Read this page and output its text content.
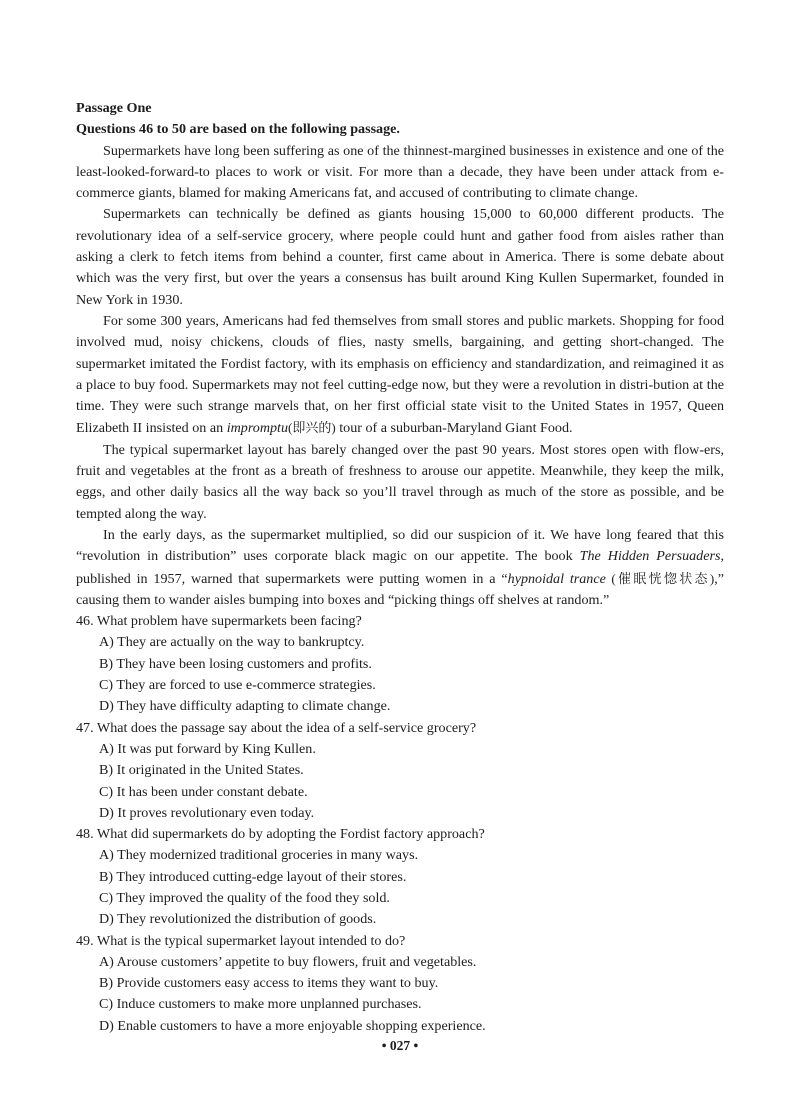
Passage One

Questions 46 to 50 are based on the following passage.

Supermarkets have long been suffering as one of the thinnest-margined businesses in existence and one of the least-looked-forward-to places to work or visit. For more than a decade, they have been under attack from e-commerce giants, blamed for making Americans fat, and accused of contributing to climate change.

Supermarkets can technically be defined as giants housing 15,000 to 60,000 different products. The revolutionary idea of a self-service grocery, where people could hunt and gather food from aisles rather than asking a clerk to fetch items from behind a counter, first came about in America. There is some debate about which was the very first, but over the years a consensus has built around King Kullen Supermarket, founded in New York in 1930.

For some 300 years, Americans had fed themselves from small stores and public markets. Shopping for food involved mud, noisy chickens, clouds of flies, nasty smells, bargaining, and getting short-changed. The supermarket imitated the Fordist factory, with its emphasis on efficiency and standardization, and reimagined it as a place to buy food. Supermarkets may not feel cutting-edge now, but they were a revolution in distri-bution at the time. They were such strange marvels that, on her first official state visit to the United States in 1957, Queen Elizabeth II insisted on an impromptu(即兴的) tour of a suburban-Maryland Giant Food.

The typical supermarket layout has barely changed over the past 90 years. Most stores open with flow-ers, fruit and vegetables at the front as a breath of freshness to arouse our appetite. Meanwhile, they keep the milk, eggs, and other daily basics all the way back so you’ll travel through as much of the store as possible, and be tempted along the way.

In the early days, as the supermarket multiplied, so did our suspicion of it. We have long feared that this “revolution in distribution” uses corporate black magic on our appetite. The book The Hidden Persuaders, published in 1957, warned that supermarkets were putting women in a “hypnoidal trance (催眠恍惚状态),” causing them to wander aisles bumping into boxes and “picking things off shelves at random.”

46. What problem have supermarkets been facing?

A) They are actually on the way to bankruptcy.

B) They have been losing customers and profits.

C) They are forced to use e-commerce strategies.

D) They have difficulty adapting to climate change.

47. What does the passage say about the idea of a self-service grocery?

A) It was put forward by King Kullen.

B) It originated in the United States.

C) It has been under constant debate.

D) It proves revolutionary even today.

48. What did supermarkets do by adopting the Fordist factory approach?

A) They modernized traditional groceries in many ways.

B) They introduced cutting-edge layout of their stores.

C) They improved the quality of the food they sold.

D) They revolutionized the distribution of goods.

49. What is the typical supermarket layout intended to do?

A) Arouse customers’ appetite to buy flowers, fruit and vegetables.

B) Provide customers easy access to items they want to buy.

C) Induce customers to make more unplanned purchases.

D) Enable customers to have a more enjoyable shopping experience.

• 027 •
